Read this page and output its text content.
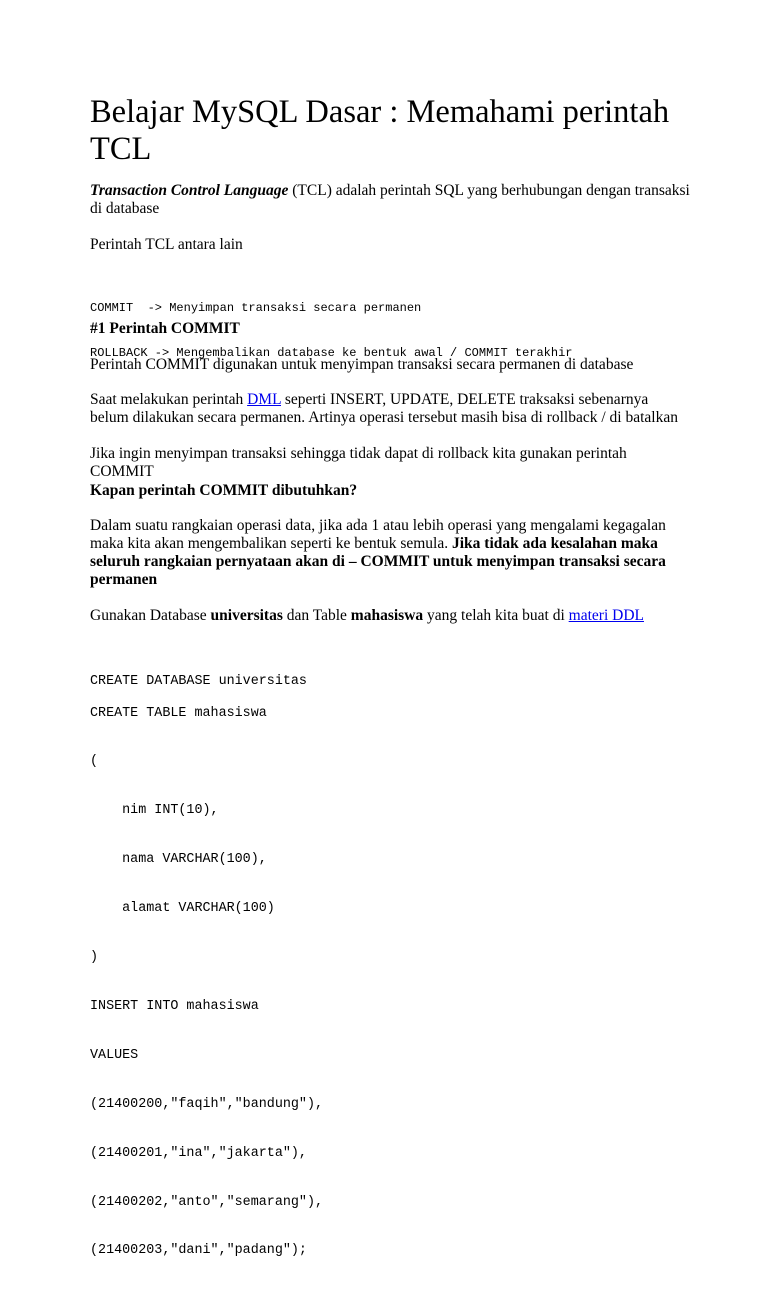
Belajar MySQL Dasar : Memahami perintah TCL

Transaction Control Language (TCL) adalah perintah SQL yang berhubungan dengan transaksi di database

Perintah TCL antara lain

COMMIT  -> Menyimpan transaksi secara permanen

ROLLBACK -> Mengembalikan database ke bentuk awal / COMMIT terakhir

#1 Perintah COMMIT

Perintah COMMIT digunakan untuk menyimpan transaksi secara permanen di database

Saat melakukan perintah DML seperti INSERT, UPDATE, DELETE traksaksi sebenarnya belum dilakukan secara permanen. Artinya operasi tersebut masih bisa di rollback / di batalkan

Jika ingin menyimpan transaksi sehingga tidak dapat di rollback kita gunakan perintah COMMIT

Kapan perintah COMMIT dibutuhkan?

Dalam suatu rangkaian operasi data, jika ada 1 atau lebih operasi yang mengalami kegagalan maka kita akan mengembalikan seperti ke bentuk semula. Jika tidak ada kesalahan maka seluruh rangkaian pernyataan akan di – COMMIT untuk menyimpan transaksi secara permanen

Gunakan Database universitas dan Table mahasiswa yang telah kita buat di materi DDL

CREATE DATABASE universitas

CREATE TABLE mahasiswa

(

nim INT(10),

nama VARCHAR(100),

alamat VARCHAR(100)

)

INSERT INTO mahasiswa

VALUES

(21400200,"faqih","bandung"),

(21400201,"ina","jakarta"),

(21400202,"anto","semarang"),

(21400203,"dani","padang");
